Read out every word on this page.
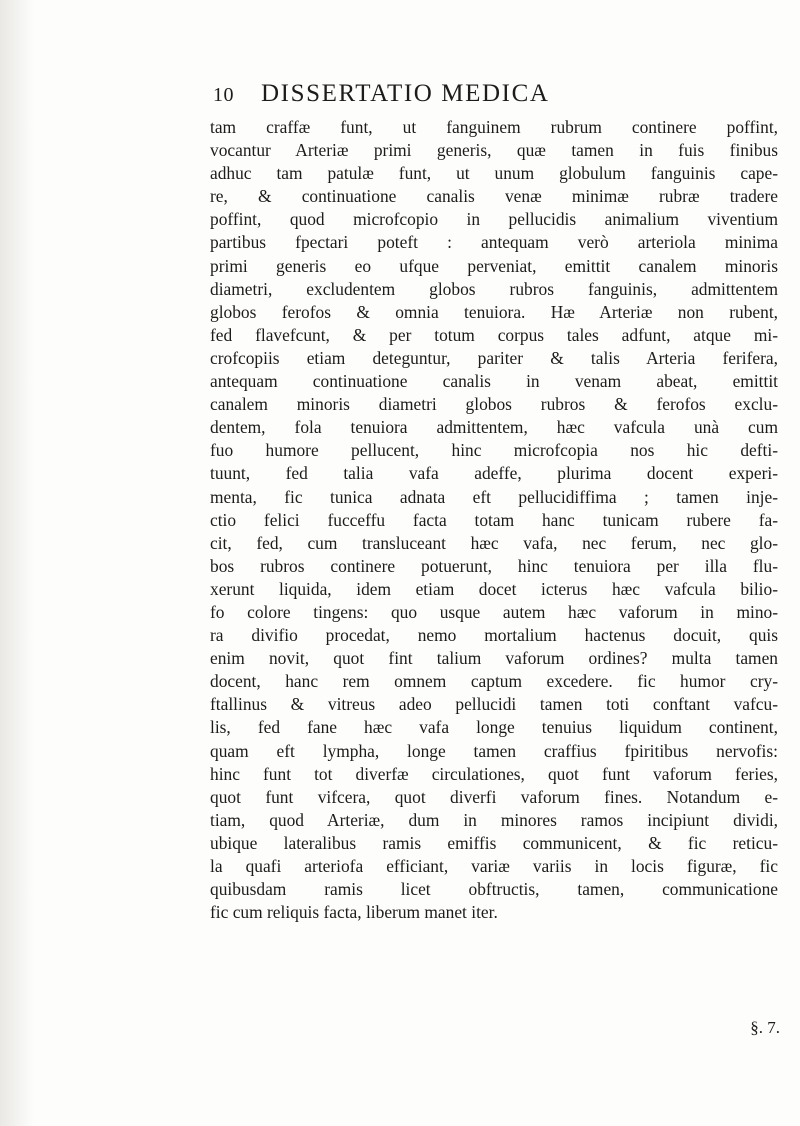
10 DISSERTATIO MEDICA
tam craffæ funt, ut fanguinem rubrum continere poffint,
vocantur Arteriæ primi generis, quæ tamen in fuis finibus
adhuc tam patulæ funt, ut unum globulum fanguinis cape-
re, & continuatione canalis venæ minimæ rubræ tradere
poffint, quod microfcopio in pellucidis animalium viventium
partibus fpectari poteft : antequam verò arteriola minima
primi generis eo ufque perveniat, emittit canalem minoris
diametri, excludentem globos rubros fanguinis, admittentem
globos ferofos & omnia tenuiora. Hæ Arteriæ non rubent,
fed flavefcunt, & per totum corpus tales adfunt, atque mi-
crofcopiis etiam deteguntur, pariter & talis Arteria ferifera,
antequam continuatione canalis in venam abeat, emittit
canalem minoris diametri globos rubros & ferofos exclu-
dentem, fola tenuiora admittentem, hæc vafcula unà cum
fuo humore pellucent, hinc microfcopia nos hic defti-
tuunt, fed talia vafa adeffe, plurima docent experi-
menta, fic tunica adnata eft pellucidiffima ; tamen inje-
ctio felici fucceffu facta totam hanc tunicam rubere fa-
cit, fed, cum transluceant hæc vafa, nec ferum, nec glo-
bos rubros continere potuerunt, hinc tenuiora per illa flu-
xerunt liquida, idem etiam docet icterus hæc vafcula bilio-
fo colore tingens: quo usque autem hæc vaforum in mino-
ra divifio procedat, nemo mortalium hactenus docuit, quis
enim novit, quot fint talium vaforum ordines? multa tamen
docent, hanc rem omnem captum excedere. fic humor cry-
ftallinus & vitreus adeo pellucidi tamen toti conftant vafcu-
lis, fed fane hæc vafa longe tenuius liquidum continent,
quam eft lympha, longe tamen craffius fpiritibus nervofis:
hinc funt tot diverfæ circulationes, quot funt vaforum feries,
quot funt vifcera, quot diverfi vaforum fines. Notandum e-
tiam, quod Arteriæ, dum in minores ramos incipiunt dividi,
ubique lateralibus ramis emiffis communicent, & fic reticu-
la quafi arteriofa efficiant, variæ variis in locis figuræ, fic
quibusdam ramis licet obftructis, tamen, communicatione
fic cum reliquis facta, liberum manet iter.
§. 7.
